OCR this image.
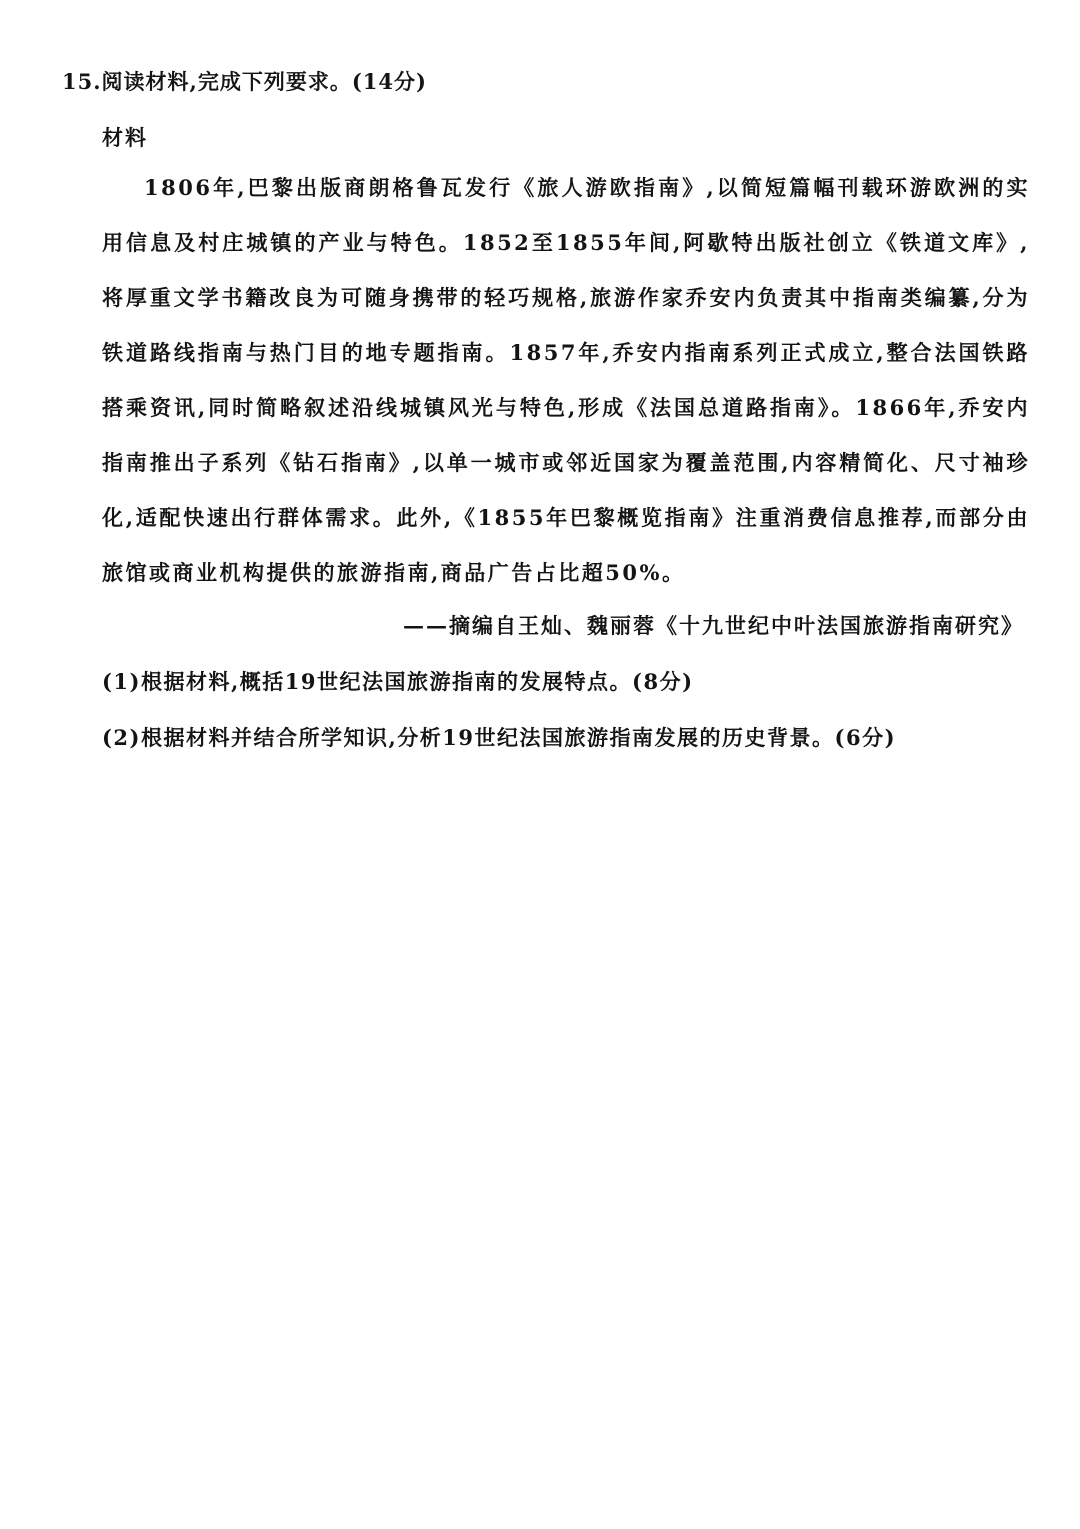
15.阅读材料,完成下列要求。(14分)
材料

1806年,巴黎出版商朗格鲁瓦发行《旅人游欧指南》,以简短篇幅刊载环游欧洲的实用信息及村庄城镇的产业与特色。1852至1855年间,阿歇特出版社创立《铁道文库》,将厚重文学书籍改良为可随身携带的轻巧规格,旅游作家乔安内负责其中指南类编纂,分为铁道路线指南与热门目的地专题指南。1857年,乔安内指南系列正式成立,整合法国铁路搭乘资讯,同时简略叙述沿线城镇风光与特色,形成《法国总道路指南》。1866年,乔安内指南推出子系列《钻石指南》,以单一城市或邻近国家为覆盖范围,内容精简化、尺寸袖珍化,适配快速出行群体需求。此外,《1855年巴黎概览指南》注重消费信息推荐,而部分由旅馆或商业机构提供的旅游指南,商品广告占比超50%。

——摘编自王灿、魏丽蓉《十九世纪中叶法国旅游指南研究》
(1)根据材料,概括19世纪法国旅游指南的发展特点。(8分)
(2)根据材料并结合所学知识,分析19世纪法国旅游指南发展的历史背景。(6分)
